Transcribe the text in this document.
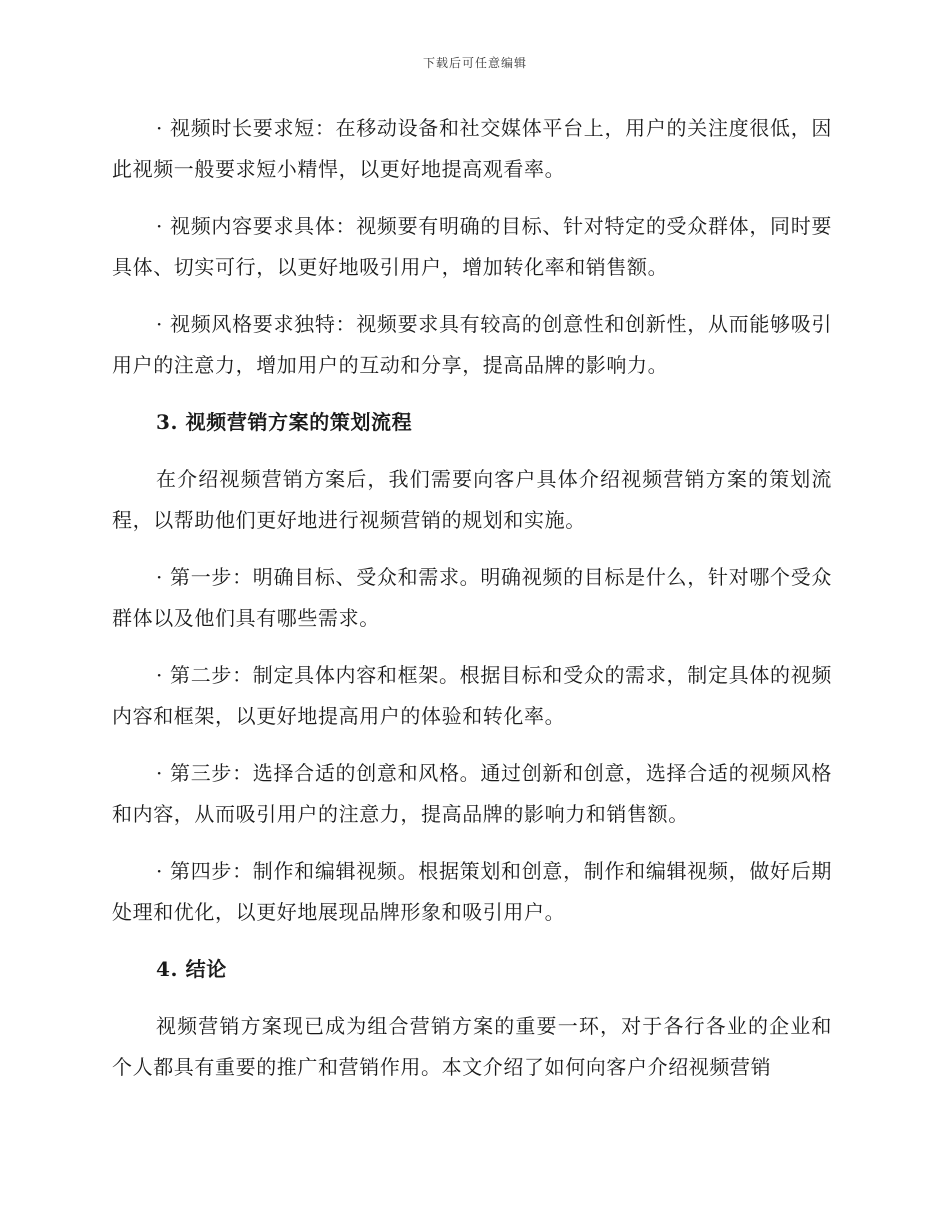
下载后可任意编辑

· 视频时长要求短：在移动设备和社交媒体平台上，用户的关注度很低，因此视频一般要求短小精悍，以更好地提高观看率。

· 视频内容要求具体：视频要有明确的目标、针对特定的受众群体，同时要具体、切实可行，以更好地吸引用户，增加转化率和销售额。

· 视频风格要求独特：视频要求具有较高的创意性和创新性，从而能够吸引用户的注意力，增加用户的互动和分享，提高品牌的影响力。

3. 视频营销方案的策划流程

在介绍视频营销方案后，我们需要向客户具体介绍视频营销方案的策划流程，以帮助他们更好地进行视频营销的规划和实施。

· 第一步：明确目标、受众和需求。明确视频的目标是什么，针对哪个受众群体以及他们具有哪些需求。

· 第二步：制定具体内容和框架。根据目标和受众的需求，制定具体的视频内容和框架，以更好地提高用户的体验和转化率。

· 第三步：选择合适的创意和风格。通过创新和创意，选择合适的视频风格和内容，从而吸引用户的注意力，提高品牌的影响力和销售额。

· 第四步：制作和编辑视频。根据策划和创意，制作和编辑视频，做好后期处理和优化，以更好地展现品牌形象和吸引用户。

4. 结论

视频营销方案现已成为组合营销方案的重要一环，对于各行各业的企业和个人都具有重要的推广和营销作用。本文介绍了如何向客户介绍视频营销
